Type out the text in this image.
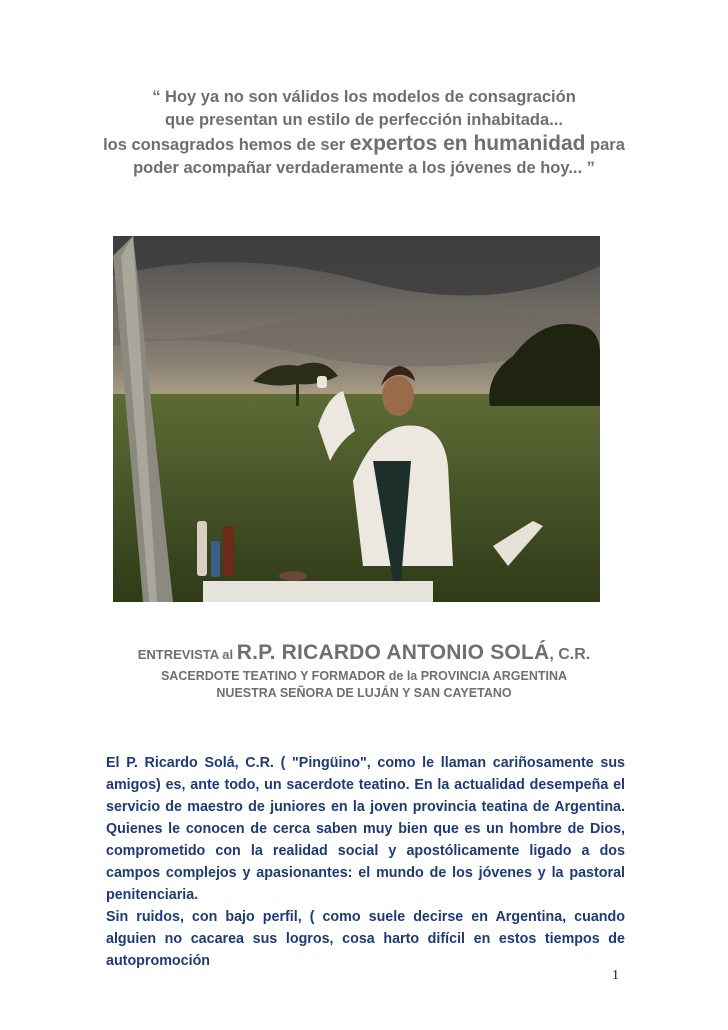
“ Hoy ya no son válidos los modelos de consagración
que presentan un estilo de perfección inhabitada...
los consagrados hemos de ser expertos en humanidad para
poder acompañar verdaderamente a los jóvenes de hoy... ”
ENTREVISTA al R.P. RICARDO ANTONIO SOLÁ, C.R.
SACERDOTE TEATINO Y FORMADOR de la PROVINCIA ARGENTINA
NUESTRA SEÑORA DE LUJÁN Y SAN CAYETANO

El P. Ricardo Solá, C.R. ( "Pingüino", como le llaman cariñosamente sus amigos) es, ante todo, un sacerdote teatino. En la actualidad desempeña el servicio de maestro de juniores en la joven provincia teatina de Argentina. Quienes le conocen de cerca saben muy bien que es un hombre de Dios, comprometido con la realidad social y apostólicamente ligado a dos campos complejos y apasionantes: el mundo de los jóvenes y la pastoral penitenciaria.

Sin ruidos, con bajo perfil, ( como suele decirse en Argentina, cuando alguien no cacarea sus logros, cosa harto difícil en estos tiempos de autopromoción

1
